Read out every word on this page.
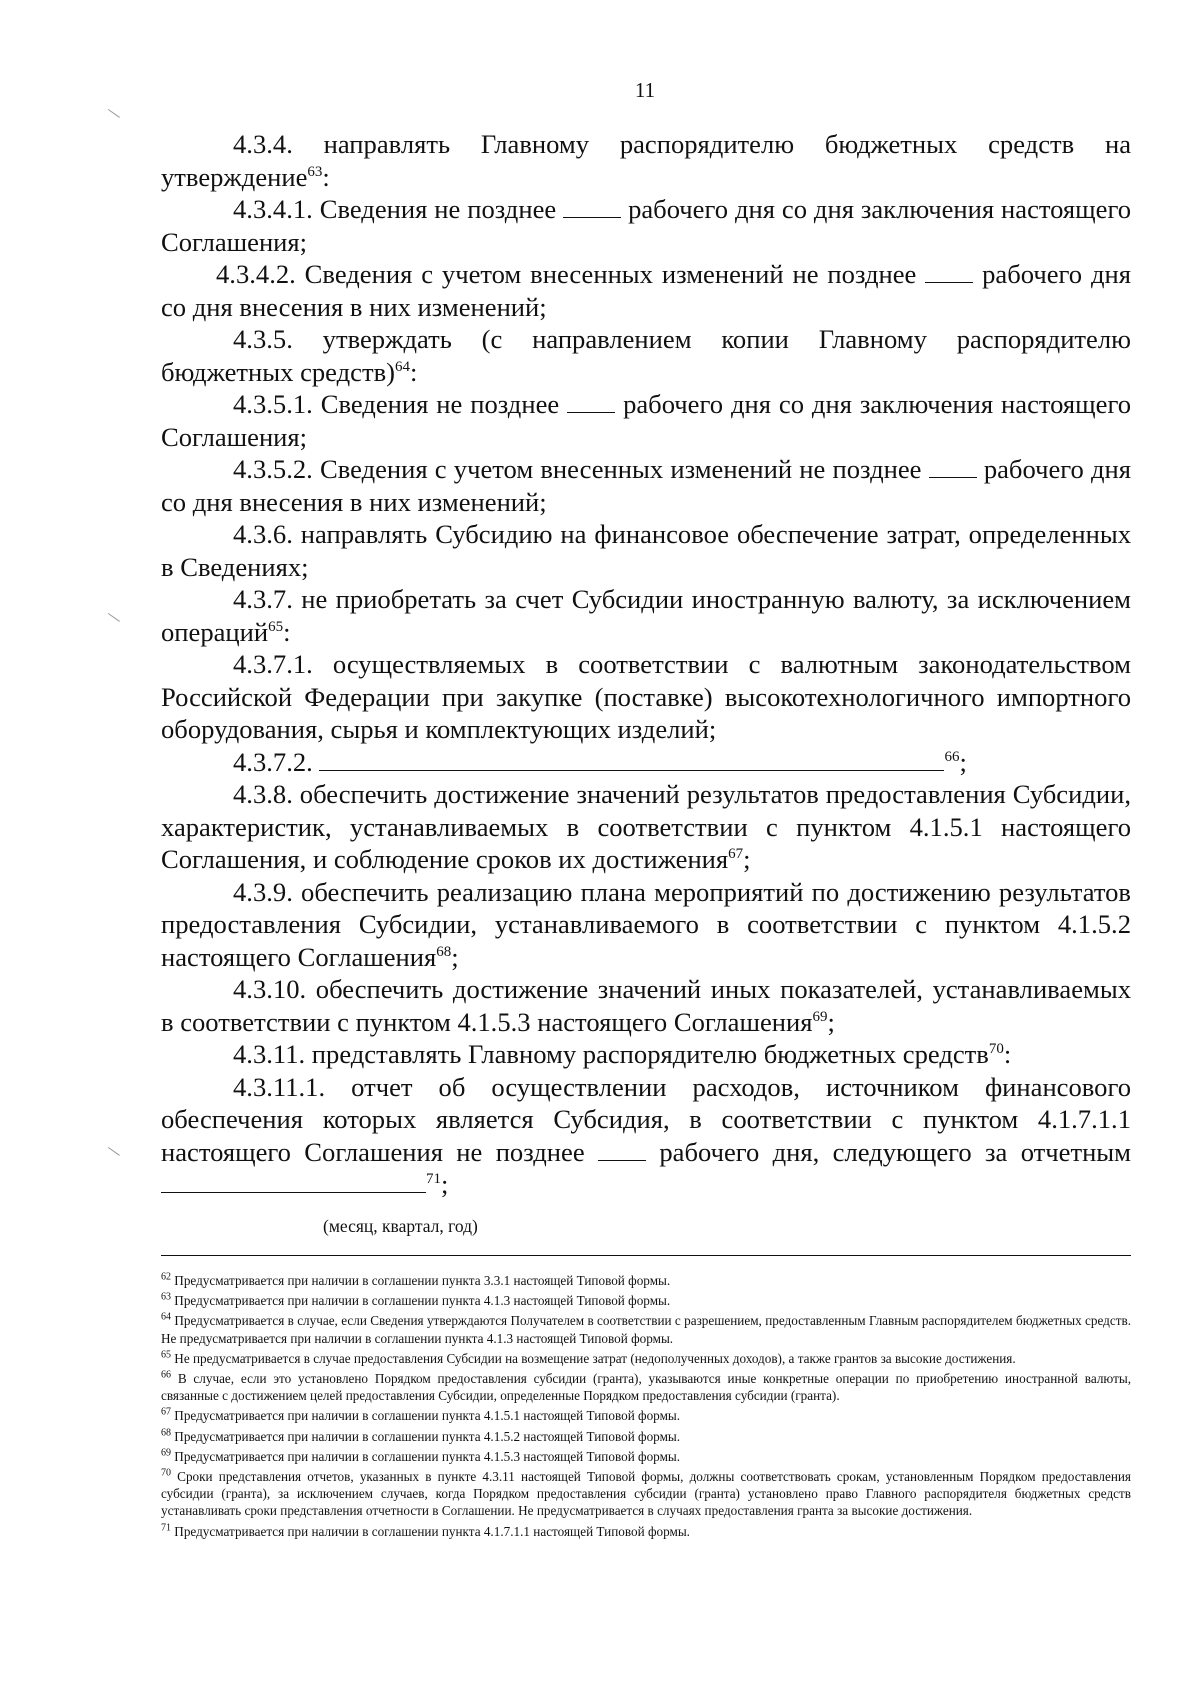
11

4.3.4. направлять Главному распорядителю бюджетных средств на утверждение$^{63}$:

4.3.4.1. Сведения не позднее  рабочего дня со дня заключения настоящего Соглашения;

4.3.4.2. Сведения с учетом внесенных изменений не позднее  рабочего дня со дня внесения в них изменений;

4.3.5. утверждать (с направлением копии Главному распорядителю бюджетных средств)$^{64}$:

4.3.5.1. Сведения не позднее  рабочего дня со дня заключения настоящего Соглашения;

4.3.5.2. Сведения с учетом внесенных изменений не позднее  рабочего дня со дня внесения в них изменений;

4.3.6. направлять Субсидию на финансовое обеспечение затрат, определенных в Сведениях;

4.3.7. не приобретать за счет Субсидии иностранную валюту, за исключением операций$^{65}$:

4.3.7.1. осуществляемых в соответствии с валютным законодательством Российской Федерации при закупке (поставке) высокотехнологичного импортного оборудования, сырья и комплектующих изделий;

4.3.7.2.	$^{66}$;

4.3.8. обеспечить достижение значений результатов предоставления Субсидии, характеристик, устанавливаемых в соответствии с пунктом 4.1.5.1 настоящего Соглашения, и соблюдение сроков их достижения$^{67}$;

4.3.9. обеспечить реализацию плана мероприятий по достижению результатов предоставления Субсидии, устанавливаемого в соответствии с пунктом 4.1.5.2 настоящего Соглашения$^{68}$;

4.3.10. обеспечить достижение значений иных показателей, устанавливаемых в соответствии с пунктом 4.1.5.3 настоящего Соглашения$^{69}$;

4.3.11. представлять Главному распорядителю бюджетных средств$^{70}$:

4.3.11.1. отчет об осуществлении расходов, источником финансового обеспечения которых является Субсидия, в соответствии с пунктом 4.1.7.1.1 настоящего Соглашения не позднее  рабочего дня, следующего за отчетным $^{71}$;

(месяц, квартал, год)

$^{62}$ Предусматривается при наличии в соглашении пункта 3.3.1 настоящей Типовой формы.

$^{63}$ Предусматривается при наличии в соглашении пункта 4.1.3 настоящей Типовой формы.

$^{64}$ Предусматривается в случае, если Сведения утверждаются Получателем в соответствии с разрешением, предоставленным Главным распорядителем бюджетных средств. Не предусматривается при наличии в соглашении пункта 4.1.3 настоящей Типовой формы.

$^{65}$ Не предусматривается в случае предоставления Субсидии на возмещение затрат (недополученных доходов), а также грантов за высокие достижения.

$^{66}$ В случае, если это установлено Порядком предоставления субсидии (гранта), указываются иные конкретные операции по приобретению иностранной валюты, связанные с достижением целей предоставления Субсидии, определенные Порядком предоставления субсидии (гранта).

$^{67}$ Предусматривается при наличии в соглашении пункта 4.1.5.1 настоящей Типовой формы.

$^{68}$ Предусматривается при наличии в соглашении пункта 4.1.5.2 настоящей Типовой формы.

$^{69}$ Предусматривается при наличии в соглашении пункта 4.1.5.3 настоящей Типовой формы.

$^{70}$ Сроки представления отчетов, указанных в пункте 4.3.11 настоящей Типовой формы, должны соответствовать срокам, установленным Порядком предоставления субсидии (гранта), за исключением случаев, когда Порядком предоставления субсидии (гранта) установлено право Главного распорядителя бюджетных средств устанавливать сроки представления отчетности в Соглашении. Не предусматривается в случаях предоставления гранта за высокие достижения.

$^{71}$ Предусматривается при наличии в соглашении пункта 4.1.7.1.1 настоящей Типовой формы.
